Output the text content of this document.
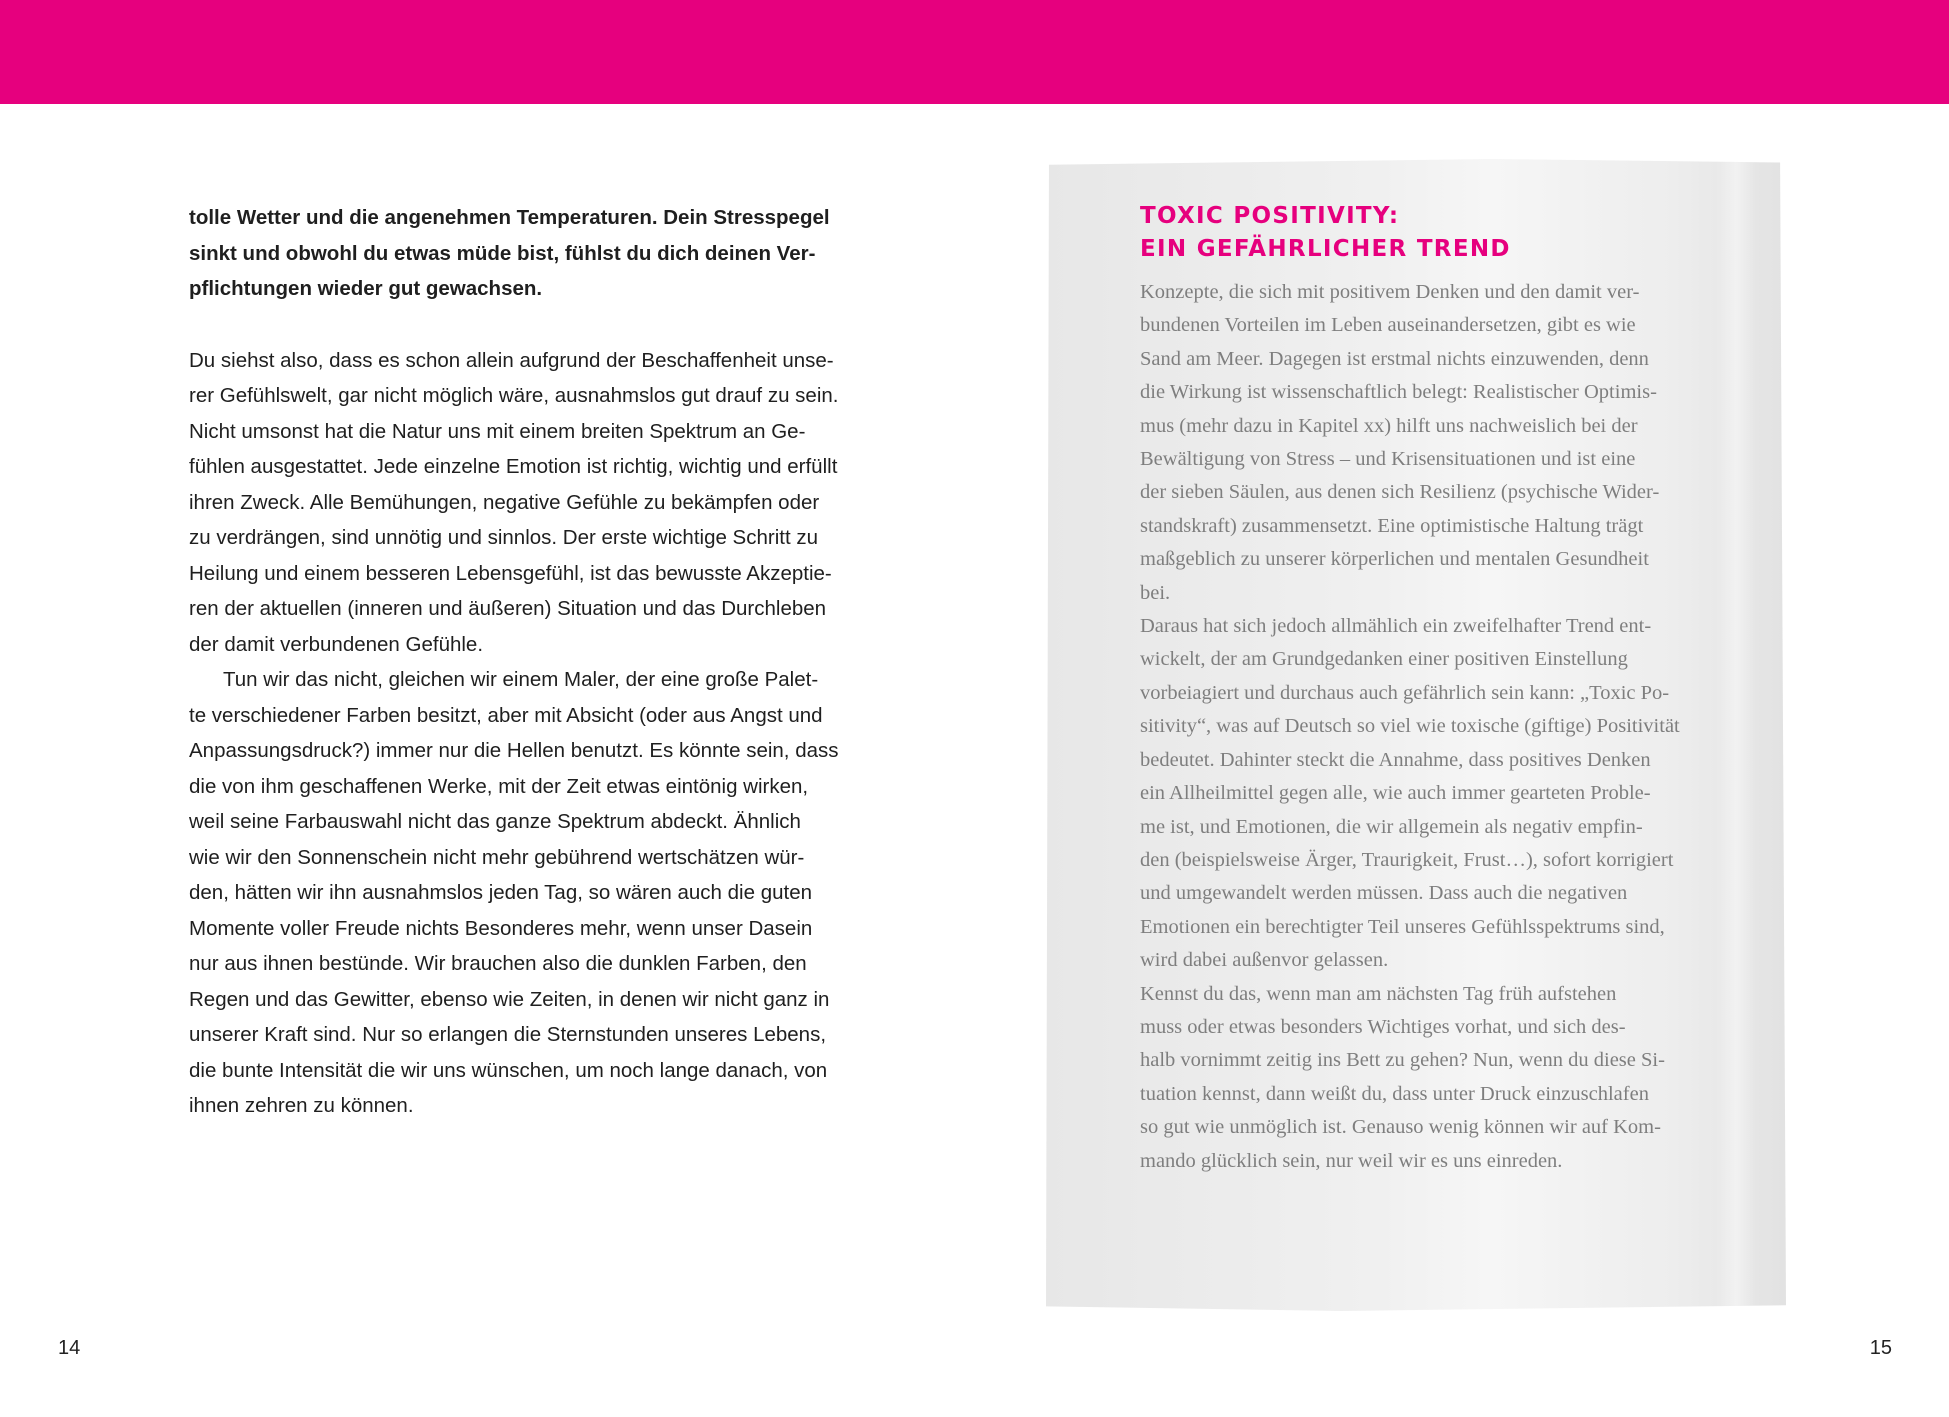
tolle Wetter und die angenehmen Temperaturen. Dein Stresspegel
sinkt und obwohl du etwas müde bist, fühlst du dich deinen Ver-
pflichtungen wieder gut gewachsen.

Du siehst also, dass es schon allein aufgrund der Beschaffenheit unse-
rer Gefühlswelt, gar nicht möglich wäre, ausnahmslos gut drauf zu sein.
Nicht umsonst hat die Natur uns mit einem breiten Spektrum an Ge-
fühlen ausgestattet. Jede einzelne Emotion ist richtig, wichtig und erfüllt
ihren Zweck. Alle Bemühungen, negative Gefühle zu bekämpfen oder
zu verdrängen, sind unnötig und sinnlos. Der erste wichtige Schritt zu
Heilung und einem besseren Lebensgefühl, ist das bewusste Akzeptie-
ren der aktuellen (inneren und äußeren) Situation und das Durchleben
der damit verbundenen Gefühle.

Tun wir das nicht, gleichen wir einem Maler, der eine große Palet-
te verschiedener Farben besitzt, aber mit Absicht (oder aus Angst und
Anpassungsdruck?) immer nur die Hellen benutzt. Es könnte sein, dass
die von ihm geschaffenen Werke, mit der Zeit etwas eintönig wirken,
weil seine Farbauswahl nicht das ganze Spektrum abdeckt. Ähnlich
wie wir den Sonnenschein nicht mehr gebührend wertschätzen wür-
den, hätten wir ihn ausnahmslos jeden Tag, so wären auch die guten
Momente voller Freude nichts Besonderes mehr, wenn unser Dasein
nur aus ihnen bestünde. Wir brauchen also die dunklen Farben, den
Regen und das Gewitter, ebenso wie Zeiten, in denen wir nicht ganz in
unserer Kraft sind. Nur so erlangen die Sternstunden unseres Lebens,
die bunte Intensität die wir uns wünschen, um noch lange danach, von
ihnen zehren zu können.

14
TOXIC POSITIVITY:
EIN GEFÄHRLICHER TREND

Konzepte, die sich mit positivem Denken und den damit ver-
bundenen Vorteilen im Leben auseinandersetzen, gibt es wie
Sand am Meer. Dagegen ist erstmal nichts einzuwenden, denn
die Wirkung ist wissenschaftlich belegt: Realistischer Optimis-
mus (mehr dazu in Kapitel xx) hilft uns nachweislich bei der
Bewältigung von Stress – und Krisensituationen und ist eine
der sieben Säulen, aus denen sich Resilienz (psychische Wider-
standskraft) zusammensetzt. Eine optimistische Haltung trägt
maßgeblich zu unserer körperlichen und mentalen Gesundheit
bei.
Daraus hat sich jedoch allmählich ein zweifelhafter Trend ent-
wickelt, der am Grundgedanken einer positiven Einstellung
vorbeiagiert und durchaus auch gefährlich sein kann: „Toxic Po-
sitivity“, was auf Deutsch so viel wie toxische (giftige) Positivität
bedeutet. Dahinter steckt die Annahme, dass positives Denken
ein Allheilmittel gegen alle, wie auch immer gearteten Proble-
me ist, und Emotionen, die wir allgemein als negativ empfin-
den (beispielsweise Ärger, Traurigkeit, Frust…), sofort korrigiert
und umgewandelt werden müssen. Dass auch die negativen
Emotionen ein berechtigter Teil unseres Gefühlsspektrums sind,
wird dabei außenvor gelassen.
Kennst du das, wenn man am nächsten Tag früh aufstehen
muss oder etwas besonders Wichtiges vorhat, und sich des-
halb vornimmt zeitig ins Bett zu gehen? Nun, wenn du diese Si-
tuation kennst, dann weißt du, dass unter Druck einzuschlafen
so gut wie unmöglich ist. Genauso wenig können wir auf Kom-
mando glücklich sein, nur weil wir es uns einreden.

15
